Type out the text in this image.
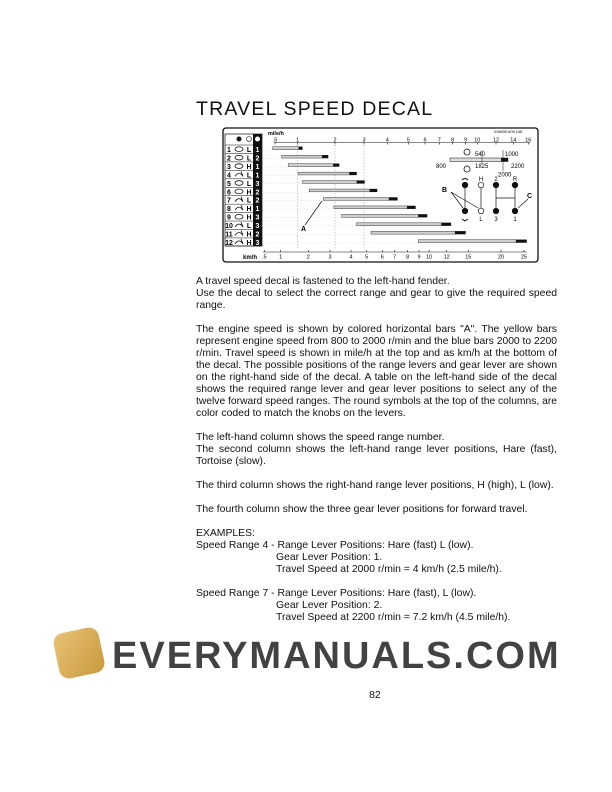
TRAVEL SPEED DECAL
mile/h	K306095-NON CAB
km/h
.5	1	2	3	4	5 6 7 8 9 10 12 14 16
.5 1	2	3	4 5 6 7 8 9 10 12	15	20	25
1 L 1
2 L 2
3 H 1
4 L 1
5 L 3
6 H 2
7 L 2
8 H 1
9 H 3
10 L 3
11 H 2
12 H 3
540	1000
800	1825
2000
2200
H
L
2	R
3	1
A
B
C
A travel speed decal is fastened to the left-hand fender.
Use the decal to select the correct range and gear to give the required speed
range.
The engine speed is shown by colored horizontal bars "A". The yellow bars
represent engine speed from 800 to 2000 r/min and the blue bars 2000 to 2200
r/min. Travel speed is shown in mile/h at the top and as km/h at the bottom of
the decal. The possible positions of the range levers and gear lever are shown
on the right-hand side of the decal. A table on the left-hand side of the decal
shows the required range lever and gear lever positions to select any of the
twelve forward speed ranges. The round symbols at the top of the columns, are
color coded to match the knobs on the levers.
The left-hand column shows the speed range number.
The second column shows the left-hand range lever positions, Hare (fast),
Tortoise (slow).
The third column shows the right-hand range lever positions, H (high), L (low).
The fourth column show the three gear lever positions for forward travel.
EXAMPLES:
Speed Range 4 - Range Lever Positions: Hare (fast) L (low).
Gear Lever Position: 1.
Travel Speed at 2000 r/min = 4 km/h (2.5 mile/h).
Speed Range 7 - Range Lever Positions: Hare (fast), L (low).
Gear Lever Position: 2.
Travel Speed at 2200 r/min = 7.2 km/h (4.5 mile/h).
EVERYMANUALS.COM
82
